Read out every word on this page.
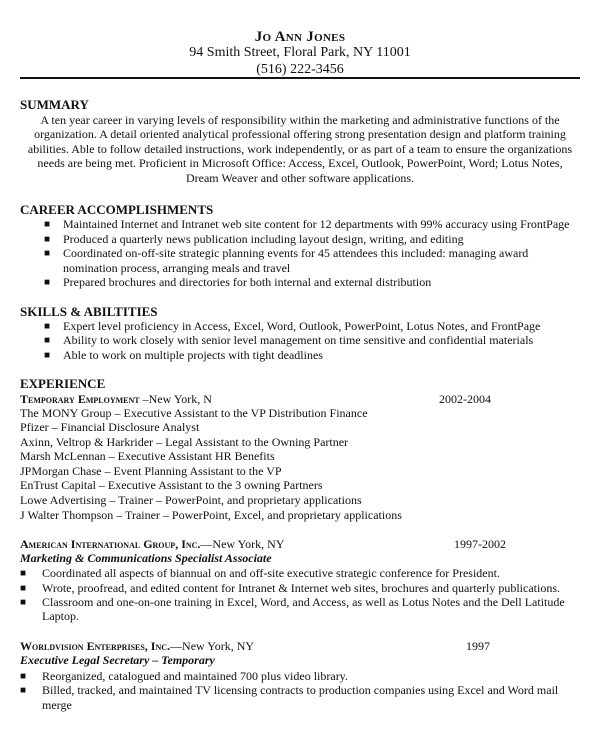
Jo Ann Jones
94 Smith Street, Floral Park, NY 11001
(516) 222-3456
SUMMARY
A ten year career in varying levels of responsibility within the marketing and administrative functions of the
organization. A detail oriented analytical professional offering strong presentation design and platform training
abilities. Able to follow detailed instructions, work independently, or as part of a team to ensure the organizations
needs are being met. Proficient in Microsoft Office: Access, Excel, Outlook, PowerPoint, Word; Lotus Notes,
Dream Weaver and other software applications.
CAREER ACCOMPLISHMENTS
■ Maintained Internet and Intranet web site content for 12 departments with 99% accuracy using FrontPage
■ Produced a quarterly news publication including layout design, writing, and editing
■ Coordinated on-off-site strategic planning events for 45 attendees this included: managing award
nomination process, arranging meals and travel
■ Prepared brochures and directories for both internal and external distribution
SKILLS & ABILTITIES
■ Expert level proficiency in Access, Excel, Word, Outlook, PowerPoint, Lotus Notes, and FrontPage
■ Ability to work closely with senior level management on time sensitive and confidential materials
■ Able to work on multiple projects with tight deadlines
EXPERIENCE
Temporary Employment –New York, N	2002-2004
The MONY Group – Executive Assistant to the VP Distribution Finance
Pfizer – Financial Disclosure Analyst
Axinn, Veltrop & Harkrider – Legal Assistant to the Owning Partner
Marsh McLennan – Executive Assistant HR Benefits
JPMorgan Chase – Event Planning Assistant to the VP
EnTrust Capital – Executive Assistant to the 3 owning Partners
Lowe Advertising – Trainer – PowerPoint, and proprietary applications
J Walter Thompson – Trainer – PowerPoint, Excel, and proprietary applications
American International Group, Inc.—New York, NY	1997-2002
Marketing & Communications Specialist Associate
■ Coordinated all aspects of biannual on and off-site executive strategic conference for President.
■ Wrote, proofread, and edited content for Intranet & Internet web sites, brochures and quarterly publications.
■ Classroom and one-on-one training in Excel, Word, and Access, as well as Lotus Notes and the Dell Latitude
Laptop.
Worldvision Enterprises, Inc.—New York, NY	1997
Executive Legal Secretary – Temporary
■ Reorganized, catalogued and maintained 700 plus video library.
■ Billed, tracked, and maintained TV licensing contracts to production companies using Excel and Word mail
merge
